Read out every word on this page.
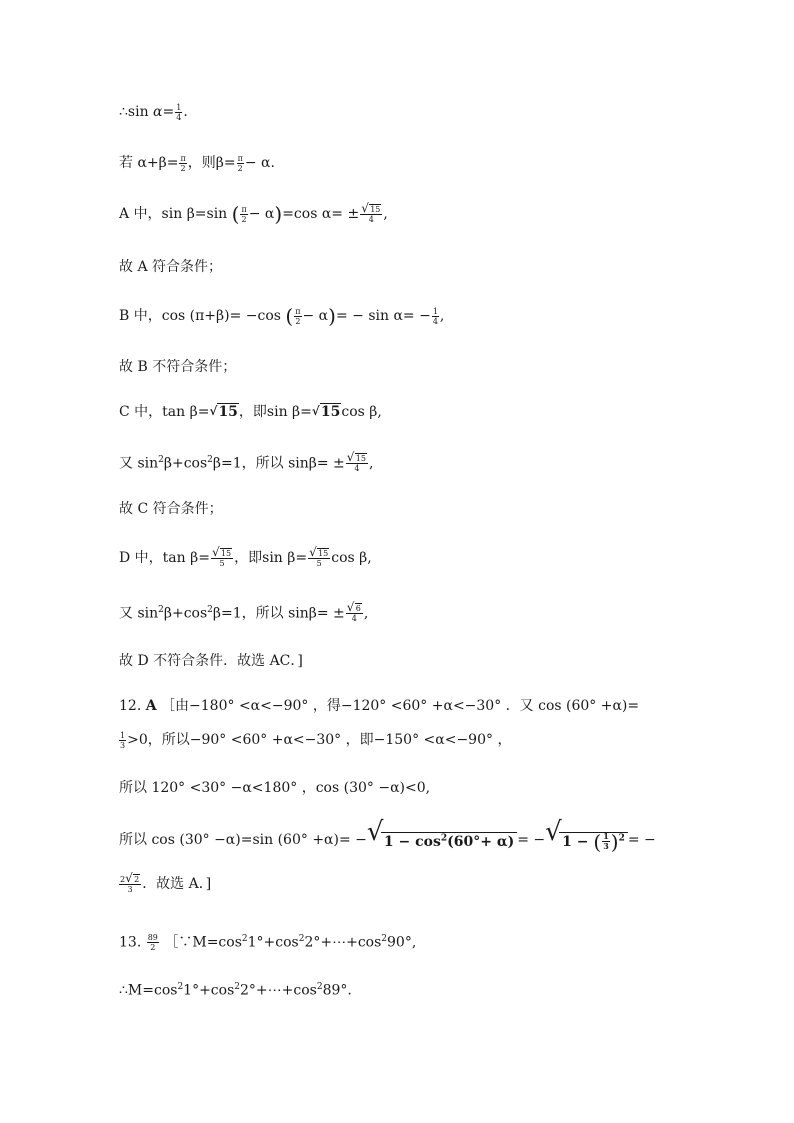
∴sin $\alpha= \frac{1}{4}$ .
若 $\alpha+\beta= \frac{\pi}{2}$ ，则$\beta= \frac{\pi}{2} - \alpha$.
A 中，sin β=sin ( $\frac{\pi}{2} - \alpha)=\cos$ α= ± √ $\frac{15}{4}$ ,
故 A 符合条件；
B 中，cos (π+β)= −cos ( $\frac{\pi}{2} - \alpha)= - \sin \alpha= - \frac{1}{4}$ ,
故 B 不符合条件；
C 中，tan β= √ 15，即sin β= √ 15cos β,
又 $\sin^2\beta+\cos^2\beta=1$，所以 sinβ= ± √ $\frac{15}{4}$ ,
故 C 符合条件；
D 中，tan β= √ $\frac{15}{5}$ ，即sin β= √ $\frac{15}{5}$ cos β,
又 $\sin^2\beta+\cos^2\beta=1$，所以 sinβ= ± √ $\frac{6}{4}$ ,
故 D 不符合条件．故选 AC．]
12. A ［由−180° <α<−90° ，得−120° <60° +α<−30° ．又 cos (60° +α)=
$\frac{1}{3} >0$，所以−90° <60° +α<−30° ，即−150° <α<−90° ，
所以 120° <30° −α<180° ，cos (30° −α)<0,
所以 cos (30° −α)=sin (60° +α)= − √ $1 - \cos^2(60^\circ+ \alpha)$ = − √ 1 − ( $\frac{1}{3} )^2$ = −
$\frac{2 √ 2}{3}$ ．故选 A．]
13. $\frac{89}{2}$ $[\because M=\cos^21^\circ+\cos^22^\circ+\cdots+\cos^290^\circ$,
$\therefore M=\cos^21^\circ+\cos^22^\circ+\cdots+\cos^289^\circ$.
